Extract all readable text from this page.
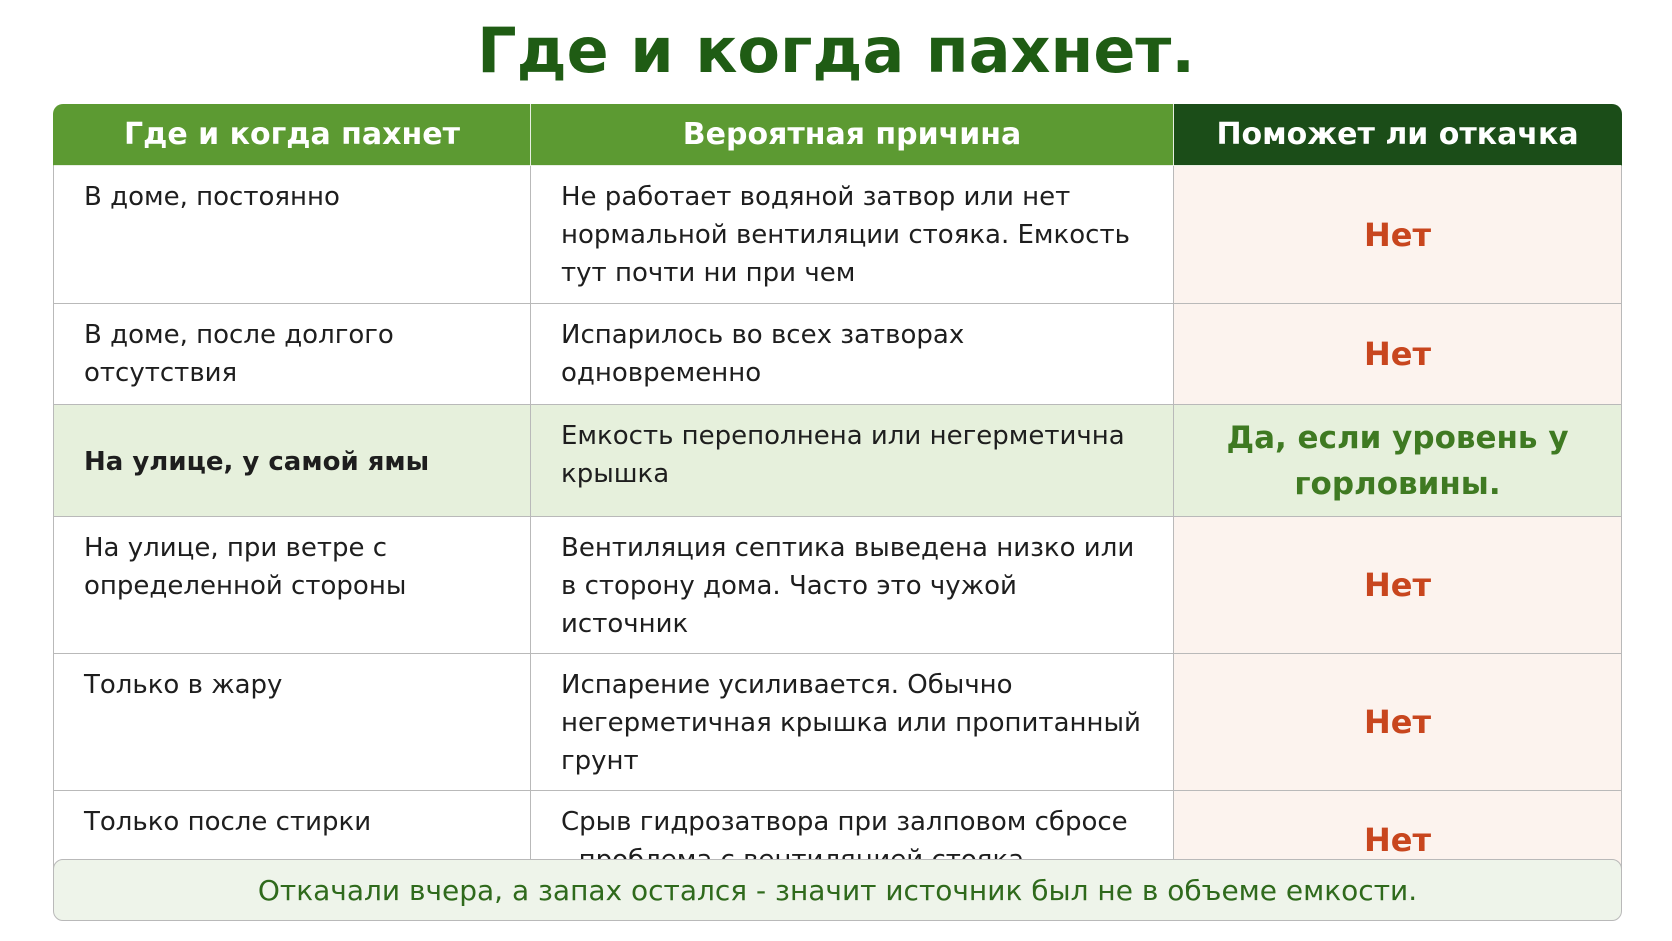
Где и когда пахнет.
Где и когда пахнет	Вероятная причина	Поможет ли откачка
В доме, постоянно	Не работает водяной затвор или нет нормальной вентиляции стояка. Емкость тут почти ни при чем	Нет
В доме, после долгого отсутствия	Испарилось во всех затворах одновременно	Нет
На улице, у самой ямы	Емкость переполнена или негерметична крышка	Да, если уровень у горловины.
На улице, при ветре с определенной стороны	Вентиляция септика выведена низко или в сторону дома. Часто это чужой источник	Нет
Только в жару	Испарение усиливается. Обычно негерметичная крышка или пропитанный грунт	Нет
Только после стирки	Срыв гидрозатвора при залповом сбросе	Нет
Откачали вчера, а запах остался - значит источник был не в объеме емкости.
